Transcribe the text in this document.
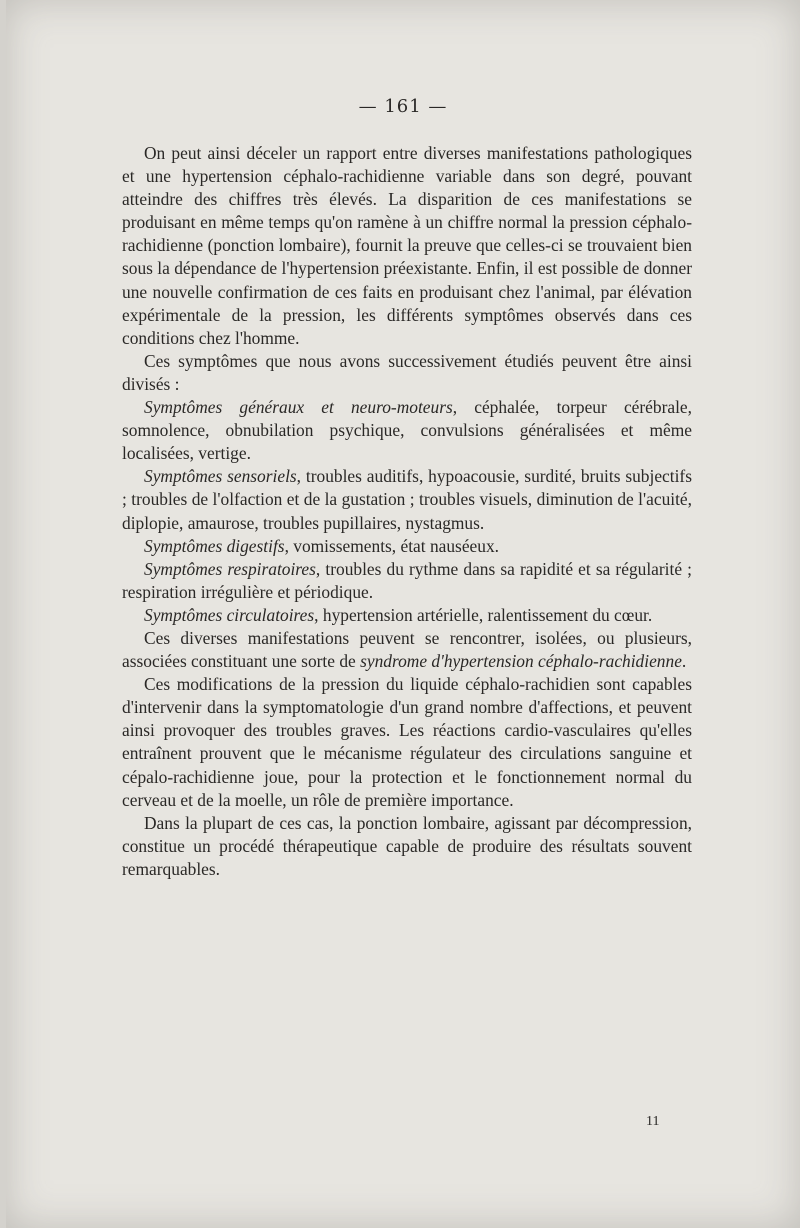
— 161 —

On peut ainsi déceler un rapport entre diverses manifestations pathologiques et une hypertension céphalo-rachidienne variable dans son degré, pouvant atteindre des chiffres très élevés. La disparition de ces manifestations se produisant en même temps qu'on ramène à un chiffre normal la pression céphalo-rachidienne (ponction lombaire), fournit la preuve que celles-ci se trouvaient bien sous la dépendance de l'hypertension préexistante. Enfin, il est possible de donner une nouvelle confirmation de ces faits en produisant chez l'animal, par élévation expérimentale de la pression, les différents symptômes observés dans ces conditions chez l'homme.

Ces symptômes que nous avons successivement étudiés peuvent être ainsi divisés :

Symptômes généraux et neuro-moteurs, céphalée, torpeur cérébrale, somnolence, obnubilation psychique, convulsions généralisées et même localisées, vertige.

Symptômes sensoriels, troubles auditifs, hypoacousie, surdité, bruits subjectifs ; troubles de l'olfaction et de la gustation ; troubles visuels, diminution de l'acuité, diplopie, amaurose, troubles pupillaires, nystagmus.

Symptômes digestifs, vomissements, état nauséeux.

Symptômes respiratoires, troubles du rythme dans sa rapidité et sa régularité ; respiration irrégulière et périodique.

Symptômes circulatoires, hypertension artérielle, ralentissement du cœur.

Ces diverses manifestations peuvent se rencontrer, isolées, ou plusieurs, associées constituant une sorte de syndrome d'hypertension céphalo-rachidienne.

Ces modifications de la pression du liquide céphalo-rachidien sont capables d'intervenir dans la symptomatologie d'un grand nombre d'affections, et peuvent ainsi provoquer des troubles graves. Les réactions cardio-vasculaires qu'elles entraînent prouvent que le mécanisme régulateur des circulations sanguine et cépalo-rachidienne joue, pour la protection et le fonctionnement normal du cerveau et de la moelle, un rôle de première importance.

Dans la plupart de ces cas, la ponction lombaire, agissant par décompression, constitue un procédé thérapeutique capable de produire des résultats souvent remarquables.

11
